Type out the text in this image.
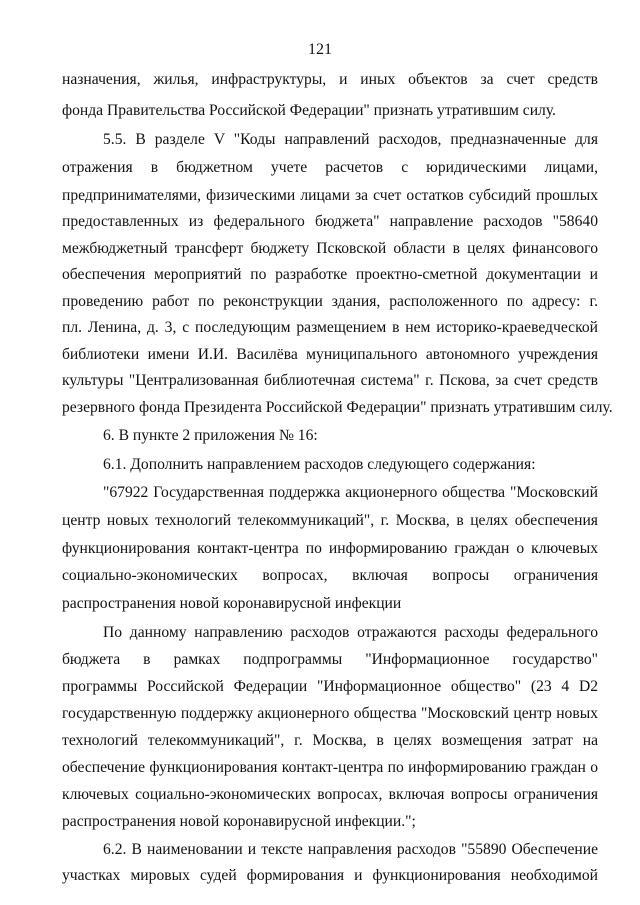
121
назначения, жилья, инфраструктуры, и иных объектов за счет средств
фонда Правительства Российской Федерации" признать утратившим силу.
5.5. В разделе V "Коды направлений расходов, предназначенные для
отражения в бюджетном учете расчетов с юридическими лицами,
предпринимателями, физическими лицами за счет остатков субсидий прошлых
предоставленных из федерального бюджета" направление расходов "58640
межбюджетный трансферт бюджету Псковской области в целях финансового
обеспечения мероприятий по разработке проектно-сметной документации и
проведению работ по реконструкции здания, расположенного по адресу: г.
пл. Ленина, д. 3, с последующим размещением в нем историко-краеведческой
библиотеки имени И.И. Василёва муниципального автономного учреждения
культуры "Централизованная библиотечная система" г. Пскова, за счет средств
резервного фонда Президента Российской Федерации" признать утратившим силу.
6. В пункте 2 приложения № 16:
6.1. Дополнить направлением расходов следующего содержания:
"67922 Государственная поддержка акционерного общества "Московский
центр новых технологий телекоммуникаций", г. Москва, в целях обеспечения
функционирования контакт-центра по информированию граждан о ключевых
социально-экономических вопросах, включая вопросы ограничения
распространения новой коронавирусной инфекции
По данному направлению расходов отражаются расходы федерального
бюджета в рамках подпрограммы "Информационное государство"
программы Российской Федерации "Информационное общество" (23 4 D2
государственную поддержку акционерного общества "Московский центр новых
технологий телекоммуникаций", г. Москва, в целях возмещения затрат на
обеспечение функционирования контакт-центра по информированию граждан о
ключевых социально-экономических вопросах, включая вопросы ограничения
распространения новой коронавирусной инфекции.";
6.2. В наименовании и тексте направления расходов "55890 Обеспечение
участках мировых судей формирования и функционирования необходимой
